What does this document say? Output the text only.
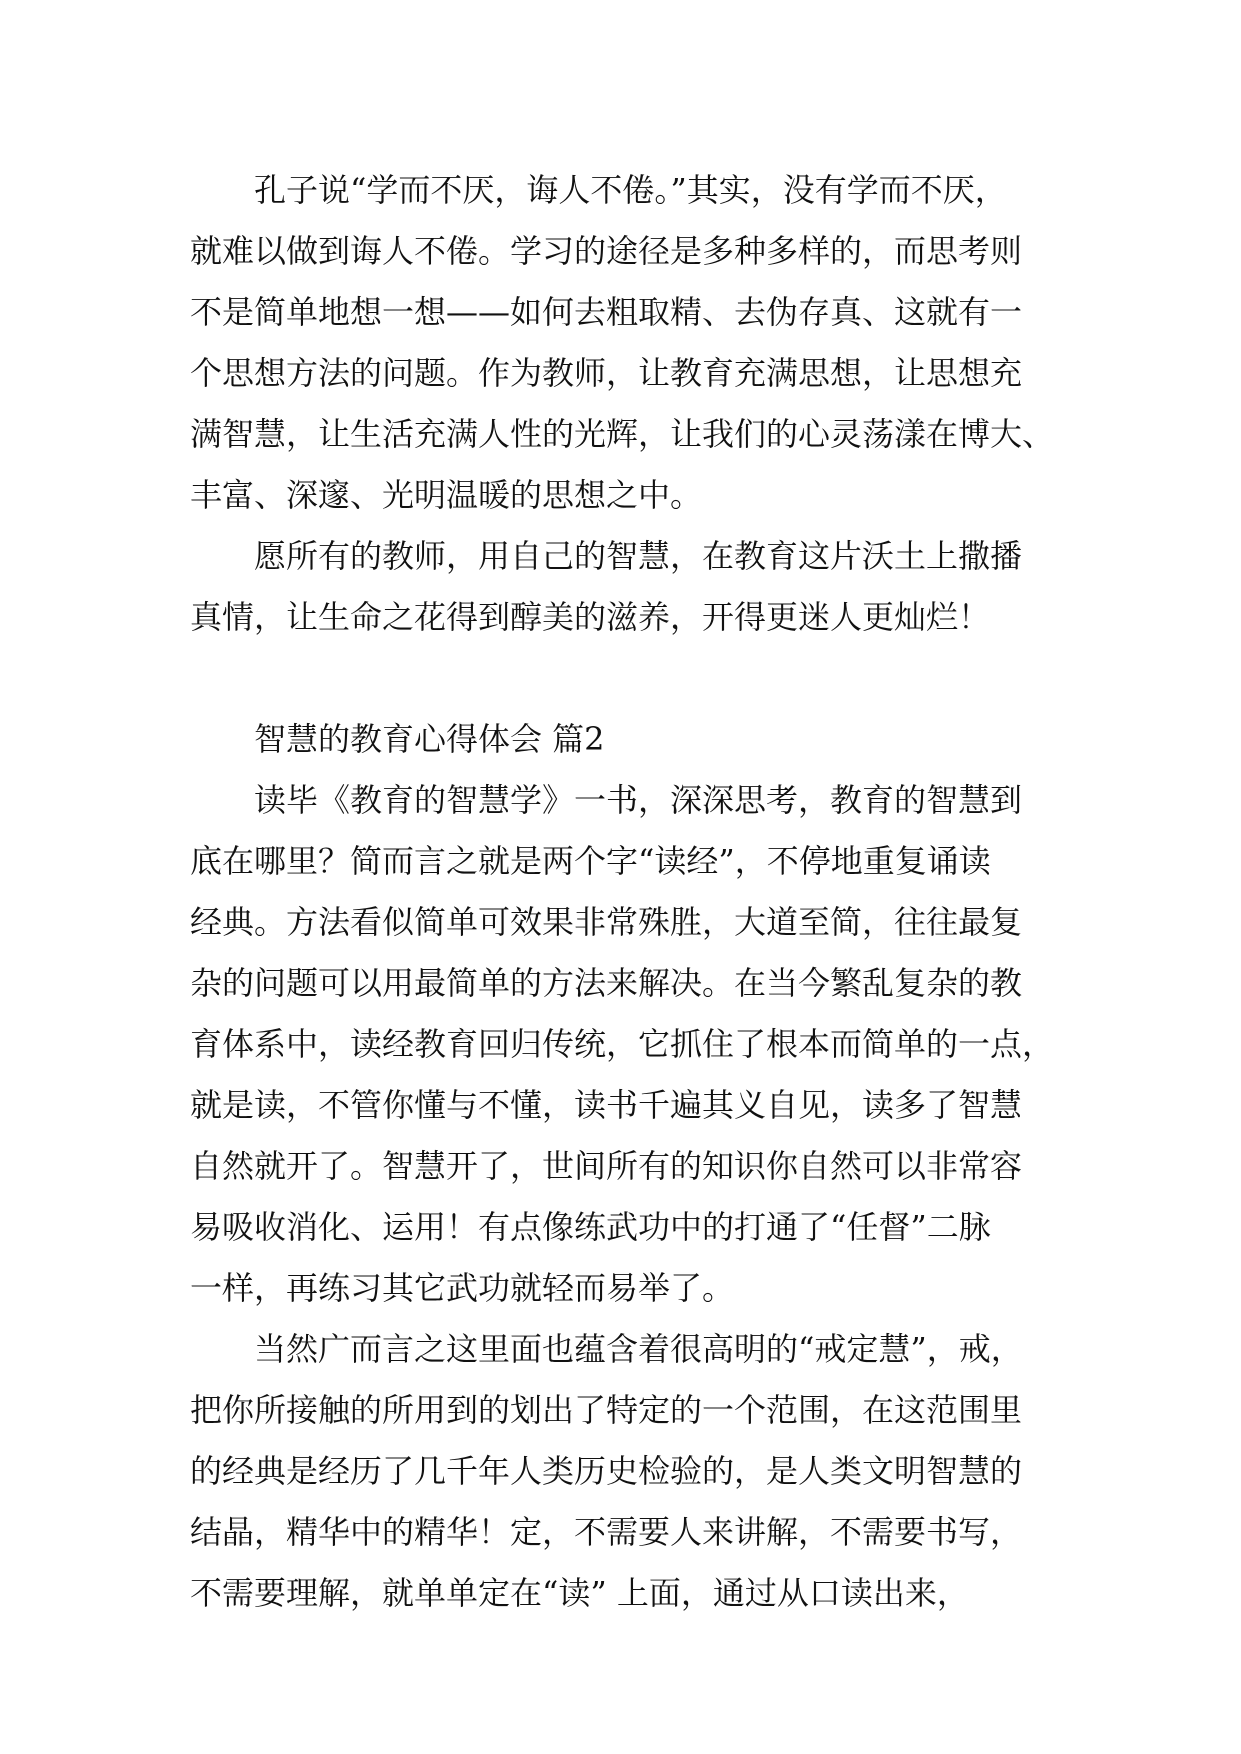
孔子说“学而不厌，诲人不倦。”其实，没有学而不厌，
就难以做到诲人不倦。学习的途径是多种多样的，而思考则
不是简单地想一想——如何去粗取精、去伪存真、这就有一
个思想方法的问题。作为教师，让教育充满思想，让思想充
满智慧，让生活充满人性的光辉，让我们的心灵荡漾在博大、
丰富、深邃、光明温暖的思想之中。
愿所有的教师，用自己的智慧，在教育这片沃土上撒播
真情，让生命之花得到醇美的滋养，开得更迷人更灿烂！
智慧的教育心得体会 篇2
读毕《教育的智慧学》一书，深深思考，教育的智慧到
底在哪里？简而言之就是两个字“读经”，不停地重复诵读
经典。方法看似简单可效果非常殊胜，大道至简，往往最复
杂的问题可以用最简单的方法来解决。在当今繁乱复杂的教
育体系中，读经教育回归传统，它抓住了根本而简单的一点，
就是读，不管你懂与不懂，读书千遍其义自见，读多了智慧
自然就开了。智慧开了，世间所有的知识你自然可以非常容
易吸收消化、运用！有点像练武功中的打通了“任督”二脉
一样，再练习其它武功就轻而易举了。
当然广而言之这里面也蕴含着很高明的“戒定慧”，戒，
把你所接触的所用到的划出了特定的一个范围，在这范围里
的经典是经历了几千年人类历史检验的，是人类文明智慧的
结晶，精华中的精华！定，不需要人来讲解，不需要书写，
不需要理解，就单单定在“读” 上面，通过从口读出来，
